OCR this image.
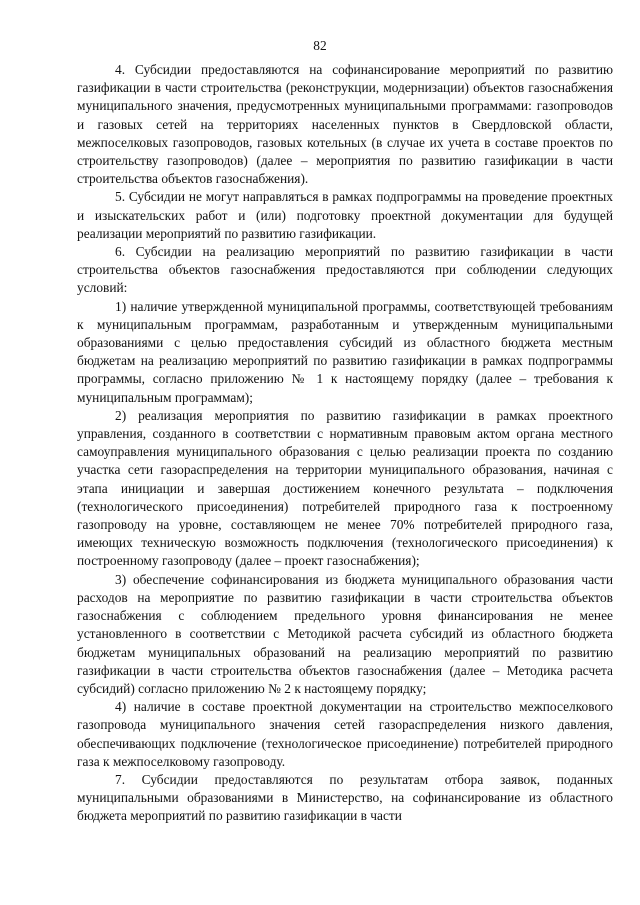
82

4. Субсидии предоставляются на софинансирование мероприятий по развитию газификации в части строительства (реконструкции, модернизации) объектов газоснабжения муниципального значения, предусмотренных муниципальными программами: газопроводов и газовых сетей на территориях населенных пунктов в Свердловской области, межпоселковых газопроводов, газовых котельных (в случае их учета в составе проектов по строительству газопроводов) (далее – мероприятия по развитию газификации в части строительства объектов газоснабжения).

5. Субсидии не могут направляться в рамках подпрограммы на проведение проектных и изыскательских работ и (или) подготовку проектной документации для будущей реализации мероприятий по развитию газификации.

6. Субсидии на реализацию мероприятий по развитию газификации в части строительства объектов газоснабжения предоставляются при соблюдении следующих условий:

1) наличие утвержденной муниципальной программы, соответствующей требованиям к муниципальным программам, разработанным и утвержденным муниципальными образованиями с целью предоставления субсидий из областного бюджета местным бюджетам на реализацию мероприятий по развитию газификации в рамках подпрограммы программы, согласно приложению № 1 к настоящему порядку (далее – требования к муниципальным программам);

2) реализация мероприятия по развитию газификации в рамках проектного управления, созданного в соответствии с нормативным правовым актом органа местного самоуправления муниципального образования с целью реализации проекта по созданию участка сети газораспределения на территории муниципального образования, начиная с этапа инициации и завершая достижением конечного результата – подключения (технологического присоединения) потребителей природного газа к построенному газопроводу на уровне, составляющем не менее 70% потребителей природного газа, имеющих техническую возможность подключения (технологического присоединения) к построенному газопроводу (далее – проект газоснабжения);

3) обеспечение софинансирования из бюджета муниципального образования части расходов на мероприятие по развитию газификации в части строительства объектов газоснабжения с соблюдением предельного уровня финансирования не менее установленного в соответствии с Методикой расчета субсидий из областного бюджета бюджетам муниципальных образований на реализацию мероприятий по развитию газификации в части строительства объектов газоснабжения (далее – Методика расчета субсидий) согласно приложению № 2 к настоящему порядку;

4) наличие в составе проектной документации на строительство межпоселкового газопровода муниципального значения сетей газораспределения низкого давления, обеспечивающих подключение (технологическое присоединение) потребителей природного газа к межпоселковому газопроводу.

7. Субсидии предоставляются по результатам отбора заявок, поданных муниципальными образованиями в Министерство, на софинансирование из областного бюджета мероприятий по развитию газификации в части
